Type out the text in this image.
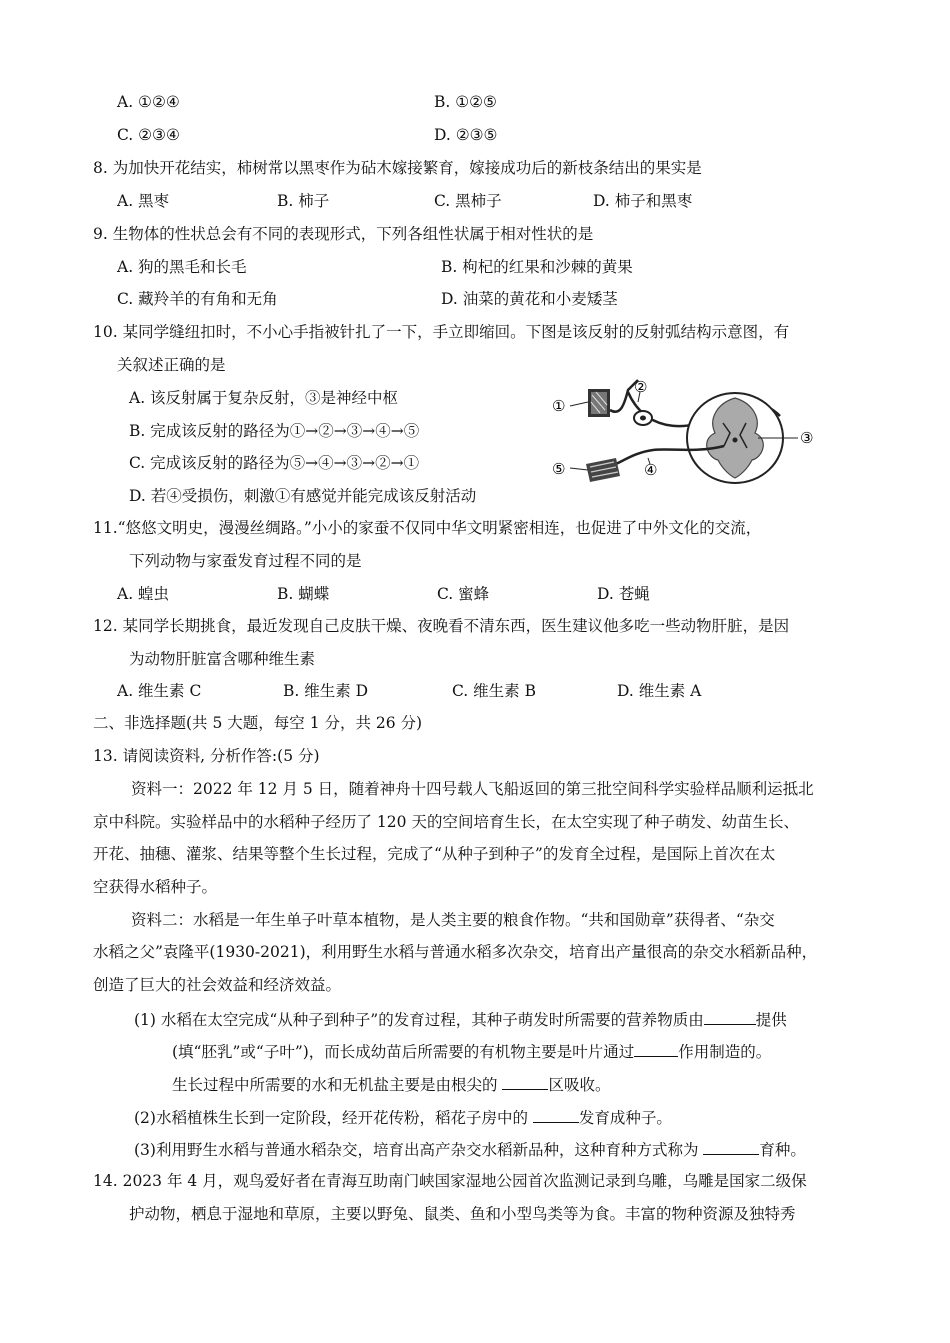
A. ①②④	B. ①②⑤
C. ②③④	D. ②③⑤
8. 为加快开花结实，柿树常以黑枣作为砧木嫁接繁育，嫁接成功后的新枝条结出的果实是
A. 黑枣	B. 柿子	C. 黑柿子	D. 柿子和黑枣
9. 生物体的性状总会有不同的表现形式，下列各组性状属于相对性状的是
A. 狗的黑毛和长毛	B. 枸杞的红果和沙棘的黄果
C. 藏羚羊的有角和无角	D. 油菜的黄花和小麦矮茎
10. 某同学缝纽扣时，不小心手指被针扎了一下，手立即缩回。下图是该反射的反射弧结构示意图，有
关叙述正确的是
A. 该反射属于复杂反射，③是神经中枢
B. 完成该反射的路径为①→②→③→④→⑤
C. 完成该反射的路径为⑤→④→③→②→①
D. 若④受损伤，刺激①有感觉并能完成该反射活动
①
②
③
④
⑤
11.“悠悠文明史，漫漫丝绸路。”小小的家蚕不仅同中华文明紧密相连，也促进了中外文化的交流，
下列动物与家蚕发育过程不同的是
A. 蝗虫	B. 蝴蝶	C. 蜜蜂	D. 苍蝇
12. 某同学长期挑食，最近发现自己皮肤干燥、夜晚看不清东西，医生建议他多吃一些动物肝脏，是因
为动物肝脏富含哪种维生素
A. 维生素 C	B. 维生素 D	C. 维生素 B	D. 维生素 A
二、非选择题(共 5 大题，每空 1 分，共 26 分)
13. 请阅读资料, 分析作答:(5 分)
资料一：2022 年 12 月 5 日，随着神舟十四号载人飞船返回的第三批空间科学实验样品顺利运抵北
京中科院。实验样品中的水稻种子经历了 120 天的空间培育生长，在太空实现了种子萌发、幼苗生长、
开花、抽穗、灌浆、结果等整个生长过程，完成了“从种子到种子”的发育全过程，是国际上首次在太
空获得水稻种子。
资料二：水稻是一年生单子叶草本植物，是人类主要的粮食作物。“共和国勋章”获得者、“杂交
水稻之父”袁隆平(1930-2021)，利用野生水稻与普通水稻多次杂交，培育出产量很高的杂交水稻新品种，
创造了巨大的社会效益和经济效益。
(1) 水稻在太空完成“从种子到种子”的发育过程，其种子萌发时所需要的营养物质由	提供
(填“胚乳”或“子叶”)，而长成幼苗后所需要的有机物主要是叶片通过	作用制造的。
生长过程中所需要的水和无机盐主要是由根尖的	区吸收。
(2)水稻植株生长到一定阶段，经开花传粉，稻花子房中的	发育成种子。
(3)利用野生水稻与普通水稻杂交，培育出高产杂交水稻新品种，这种育种方式称为	育种。
14. 2023 年 4 月，观鸟爱好者在青海互助南门峡国家湿地公园首次监测记录到乌雕，乌雕是国家二级保
护动物，栖息于湿地和草原，主要以野兔、鼠类、鱼和小型鸟类等为食。丰富的物种资源及独特秀
